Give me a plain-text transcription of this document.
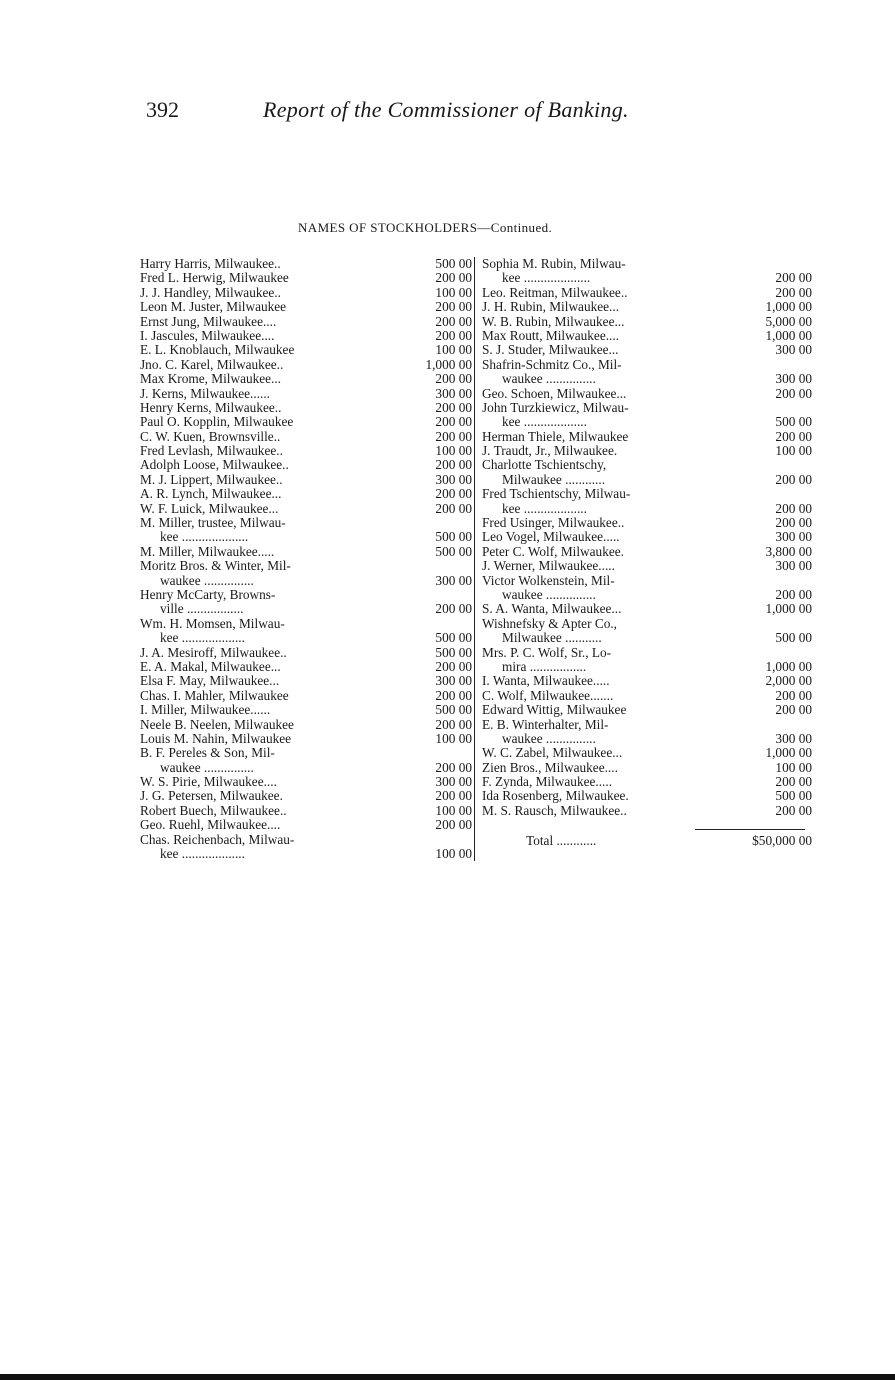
392	Report of the Commissioner of Banking.
NAMES OF STOCKHOLDERS—Continued.
Harry Harris, Milwaukee..	500 00
Fred L. Herwig, Milwaukee	200 00
J. J. Handley, Milwaukee..	100 00
Leon M. Juster, Milwaukee	200 00
Ernst Jung, Milwaukee....	200 00
I. Jascules, Milwaukee....	200 00
E. L. Knoblauch, Milwaukee	100 00
Jno. C. Karel, Milwaukee..	1,000 00
Max Krome, Milwaukee...	200 00
J. Kerns, Milwaukee......	300 00
Henry Kerns, Milwaukee..	200 00
Paul O. Kopplin, Milwaukee	200 00
C. W. Kuen, Brownsville..	200 00
Fred Levlash, Milwaukee..	100 00
Adolph Loose, Milwaukee..	200 00
M. J. Lippert, Milwaukee..	300 00
A. R. Lynch, Milwaukee...	200 00
W. F. Luick, Milwaukee...	200 00
M. Miller, trustee, Milwau-
kee ....................	500 00
M. Miller, Milwaukee.....	500 00
Moritz Bros. & Winter, Mil-
waukee ...............	300 00
Henry McCarty, Browns-
ville .................	200 00
Wm. H. Momsen, Milwau-
kee ...................	500 00
J. A. Mesiroff, Milwaukee..	500 00
E. A. Makal, Milwaukee...	200 00
Elsa F. May, Milwaukee...	300 00
Chas. I. Mahler, Milwaukee	200 00
I. Miller, Milwaukee......	500 00
Neele B. Neelen, Milwaukee	200 00
Louis M. Nahin, Milwaukee	100 00
B. F. Pereles & Son, Mil-
waukee ...............	200 00
W. S. Pirie, Milwaukee....	300 00
J. G. Petersen, Milwaukee.	200 00
Robert Buech, Milwaukee..	100 00
Geo. Ruehl, Milwaukee....	200 00
Chas. Reichenbach, Milwau-
kee ...................	100 00
Sophia M. Rubin, Milwau-
kee ....................	200 00
Leo. Reitman, Milwaukee..	200 00
J. H. Rubin, Milwaukee...	1,000 00
W. B. Rubin, Milwaukee...	5,000 00
Max Routt, Milwaukee....	1,000 00
S. J. Studer, Milwaukee...	300 00
Shafrin-Schmitz Co., Mil-
waukee ...............	300 00
Geo. Schoen, Milwaukee...	200 00
John Turzkiewicz, Milwau-
kee ...................	500 00
Herman Thiele, Milwaukee	200 00
J. Traudt, Jr., Milwaukee.	100 00
Charlotte Tschientschy,
Milwaukee ............	200 00
Fred Tschientschy, Milwau-
kee ...................	200 00
Fred Usinger, Milwaukee..	200 00
Leo Vogel, Milwaukee.....	300 00
Peter C. Wolf, Milwaukee.	3,800 00
J. Werner, Milwaukee.....	300 00
Victor Wolkenstein, Mil-
waukee ...............	200 00
S. A. Wanta, Milwaukee...	1,000 00
Wishnefsky & Apter Co.,
Milwaukee ...........	500 00
Mrs. P. C. Wolf, Sr., Lo-
mira .................	1,000 00
I. Wanta, Milwaukee.....	2,000 00
C. Wolf, Milwaukee.......	200 00
Edward Wittig, Milwaukee	200 00
E. B. Winterhalter, Mil-
waukee ...............	300 00
W. C. Zabel, Milwaukee...	1,000 00
Zien Bros., Milwaukee....	100 00
F. Zynda, Milwaukee.....	200 00
Ida Rosenberg, Milwaukee.	500 00
M. S. Rausch, Milwaukee..	200 00
Total ............	$50,000 00
